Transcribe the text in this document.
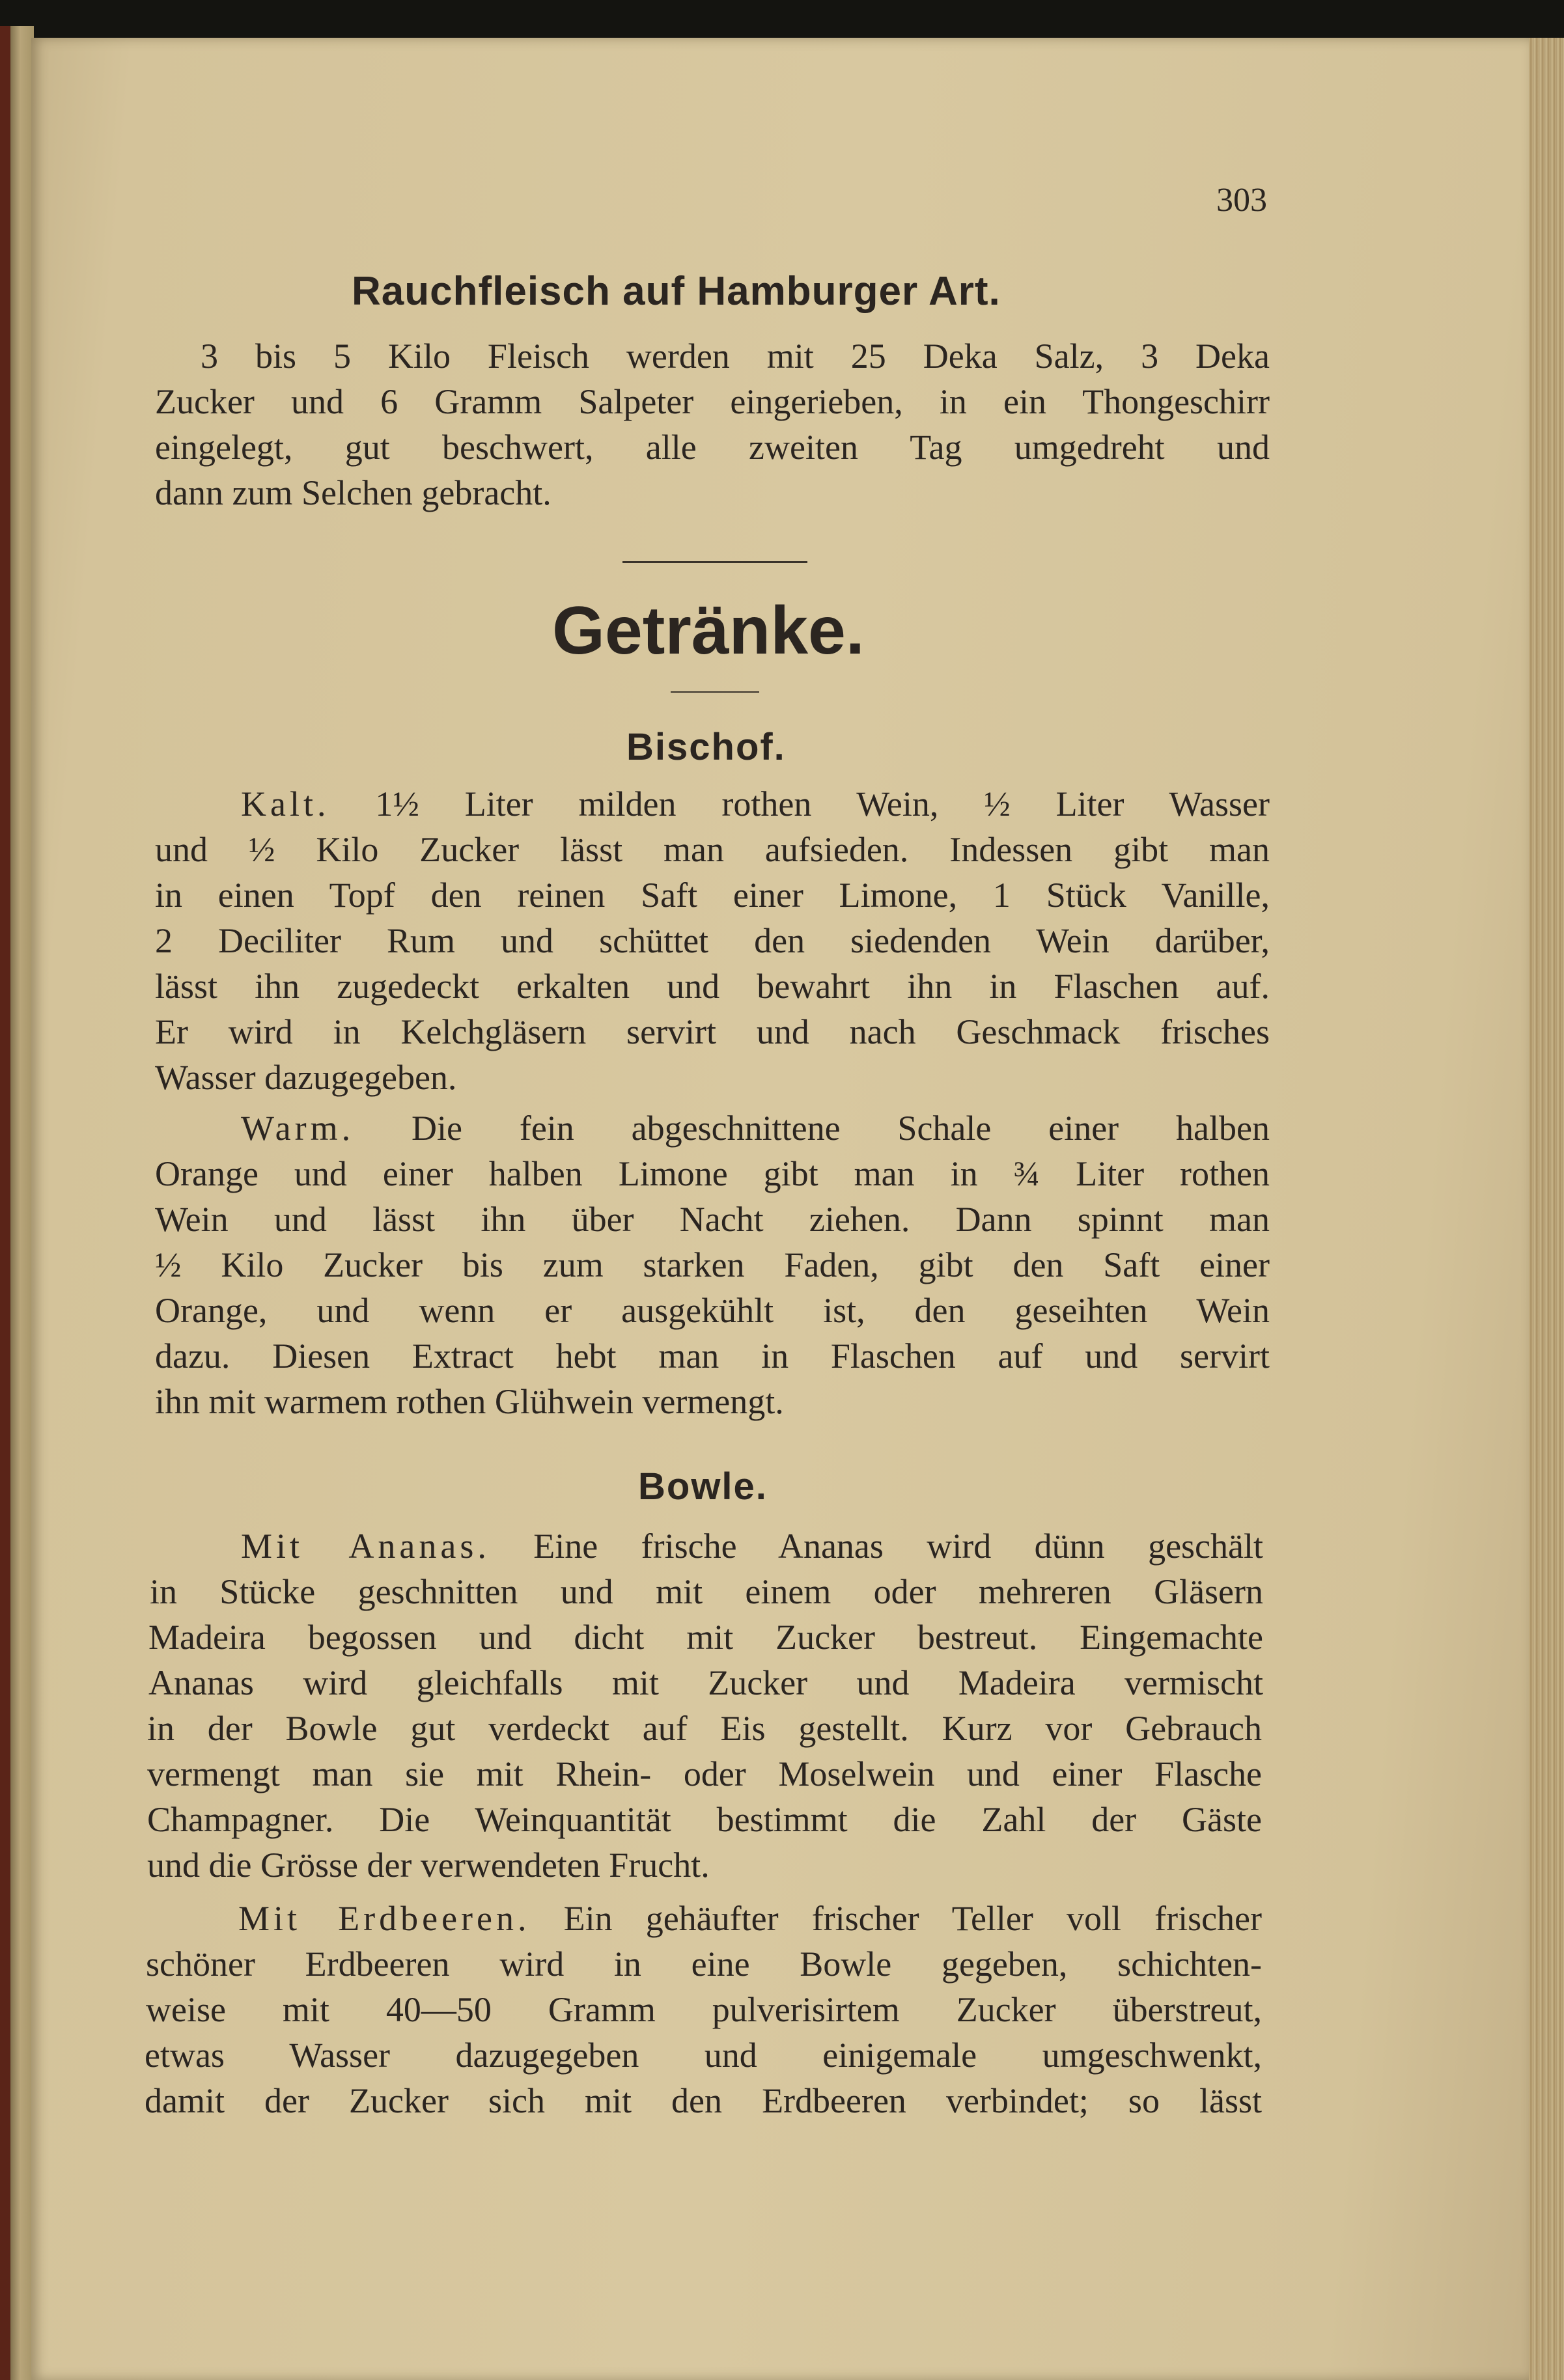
303
Rauchfleisch auf Hamburger Art.
3 bis 5 Kilo Fleisch werden mit 25 Deka Salz, 3 Deka
Zucker und 6 Gramm Salpeter eingerieben, in ein Thongeschirr
eingelegt, gut beschwert, alle zweiten Tag umgedreht und
dann zum Selchen gebracht.
Getränke.
Bischof.
Kalt. 1½ Liter milden rothen Wein, ½ Liter Wasser
und ½ Kilo Zucker lässt man aufsieden. Indessen gibt man
in einen Topf den reinen Saft einer Limone, 1 Stück Vanille,
2 Deciliter Rum und schüttet den siedenden Wein darüber,
lässt ihn zugedeckt erkalten und bewahrt ihn in Flaschen auf.
Er wird in Kelchgläsern servirt und nach Geschmack frisches
Wasser dazugegeben.
Warm. Die fein abgeschnittene Schale einer halben
Orange und einer halben Limone gibt man in ¾ Liter rothen
Wein und lässt ihn über Nacht ziehen. Dann spinnt man
½ Kilo Zucker bis zum starken Faden, gibt den Saft einer
Orange, und wenn er ausgekühlt ist, den geseihten Wein
dazu. Diesen Extract hebt man in Flaschen auf und servirt
ihn mit warmem rothen Glühwein vermengt.
Bowle.
Mit Ananas. Eine frische Ananas wird dünn geschält
in Stücke geschnitten und mit einem oder mehreren Gläsern
Madeira begossen und dicht mit Zucker bestreut. Eingemachte
Ananas wird gleichfalls mit Zucker und Madeira vermischt
in der Bowle gut verdeckt auf Eis gestellt. Kurz vor Gebrauch
vermengt man sie mit Rhein- oder Moselwein und einer Flasche
Champagner. Die Weinquantität bestimmt die Zahl der Gäste
und die Grösse der verwendeten Frucht.
Mit Erdbeeren. Ein gehäufter frischer Teller voll frischer
schöner Erdbeeren wird in eine Bowle gegeben, schichten-
weise mit 40—50 Gramm pulverisirtem Zucker überstreut,
etwas Wasser dazugegeben und einigemale umgeschwenkt,
damit der Zucker sich mit den Erdbeeren verbindet; so lässt
